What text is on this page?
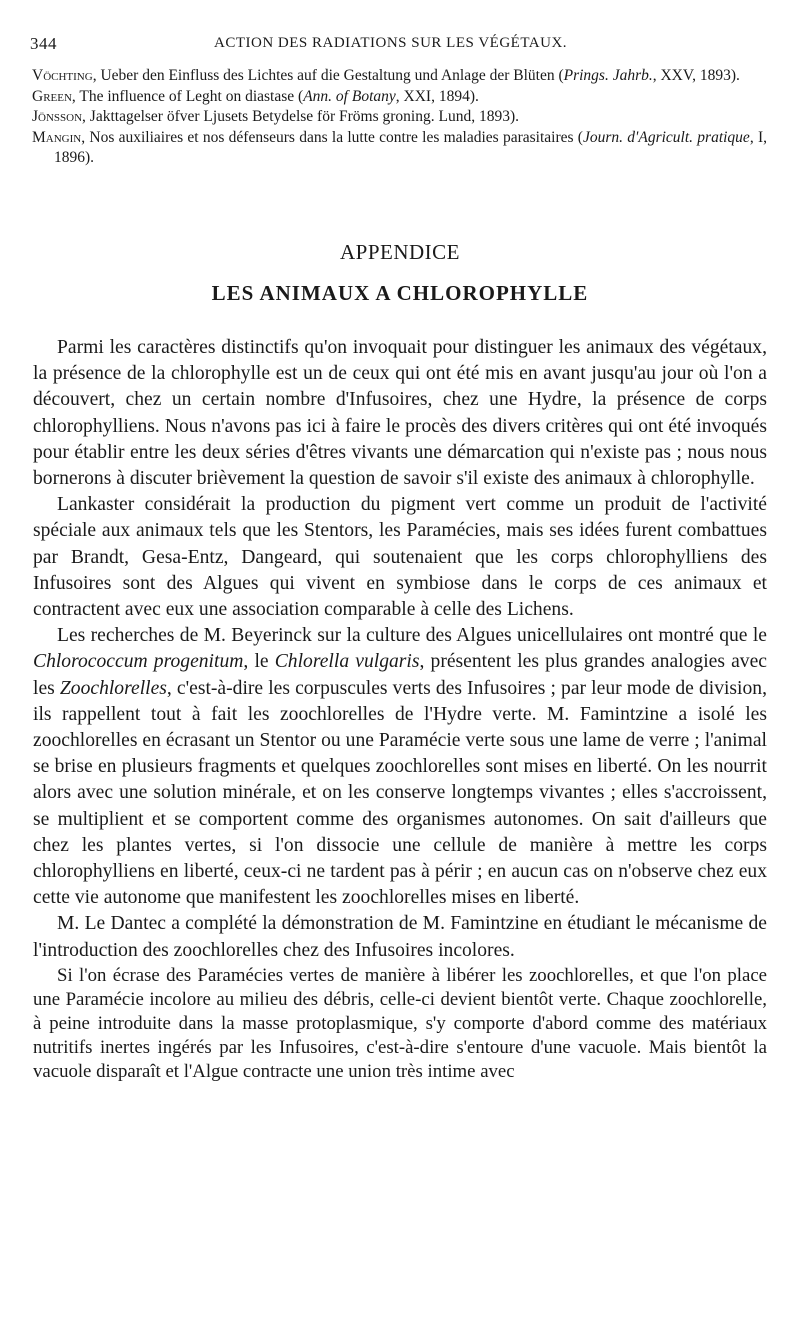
344	ACTION DES RADIATIONS SUR LES VÉGÉTAUX.
Vöchting, Ueber den Einfluss des Lichtes auf die Gestaltung und Anlage der Blüten (Prings. Jahrb., XXV, 1893).
Green, The influence of Leght on diastase (Ann. of Botany, XXI, 1894).
Jönsson, Jakttagelser öfver Ljusets Betydelse för Fröms groning. Lund, 1893).
Mangin, Nos auxiliaires et nos défenseurs dans la lutte contre les maladies parasitaires (Journ. d'Agricult. pratique, I, 1896).
APPENDICE
LES ANIMAUX A CHLOROPHYLLE

Parmi les caractères distinctifs qu'on invoquait pour distinguer les animaux des végétaux, la présence de la chlorophylle est un de ceux qui ont été mis en avant jusqu'au jour où l'on a découvert, chez un certain nombre d'Infusoires, chez une Hydre, la présence de corps chlorophylliens. Nous n'avons pas ici à faire le procès des divers critères qui ont été invoqués pour établir entre les deux séries d'êtres vivants une démarcation qui n'existe pas ; nous nous bornerons à discuter brièvement la question de savoir s'il existe des animaux à chlorophylle.

Lankaster considérait la production du pigment vert comme un produit de l'activité spéciale aux animaux tels que les Stentors, les Paramécies, mais ses idées furent combattues par Brandt, Gesa-Entz, Dangeard, qui soutenaient que les corps chlorophylliens des Infusoires sont des Algues qui vivent en symbiose dans le corps de ces animaux et contractent avec eux une association comparable à celle des Lichens.

Les recherches de M. Beyerinck sur la culture des Algues unicellulaires ont montré que le Chlorococcum progenitum, le Chlorella vulgaris, présentent les plus grandes analogies avec les Zoochlorelles, c'est-à-dire les corpuscules verts des Infusoires ; par leur mode de division, ils rappellent tout à fait les zoochlorelles de l'Hydre verte. M. Famintzine a isolé les zoochlorelles en écrasant un Stentor ou une Paramécie verte sous une lame de verre ; l'animal se brise en plusieurs fragments et quelques zoochlorelles sont mises en liberté. On les nourrit alors avec une solution minérale, et on les conserve longtemps vivantes ; elles s'accroissent, se multiplient et se comportent comme des organismes autonomes. On sait d'ailleurs que chez les plantes vertes, si l'on dissocie une cellule de manière à mettre les corps chlorophylliens en liberté, ceux-ci ne tardent pas à périr ; en aucun cas on n'observe chez eux cette vie autonome que manifestent les zoochlorelles mises en liberté.

M. Le Dantec a complété la démonstration de M. Famintzine en étudiant le mécanisme de l'introduction des zoochlorelles chez des Infusoires incolores.

Si l'on écrase des Paramécies vertes de manière à libérer les zoochlorelles, et que l'on place une Paramécie incolore au milieu des débris, celle-ci devient bientôt verte. Chaque zoochlorelle, à peine introduite dans la masse protoplasmique, s'y comporte d'abord comme des matériaux nutritifs inertes ingérés par les Infusoires, c'est-à-dire s'entoure d'une vacuole. Mais bientôt la vacuole disparaît et l'Algue contracte une union très intime avec
